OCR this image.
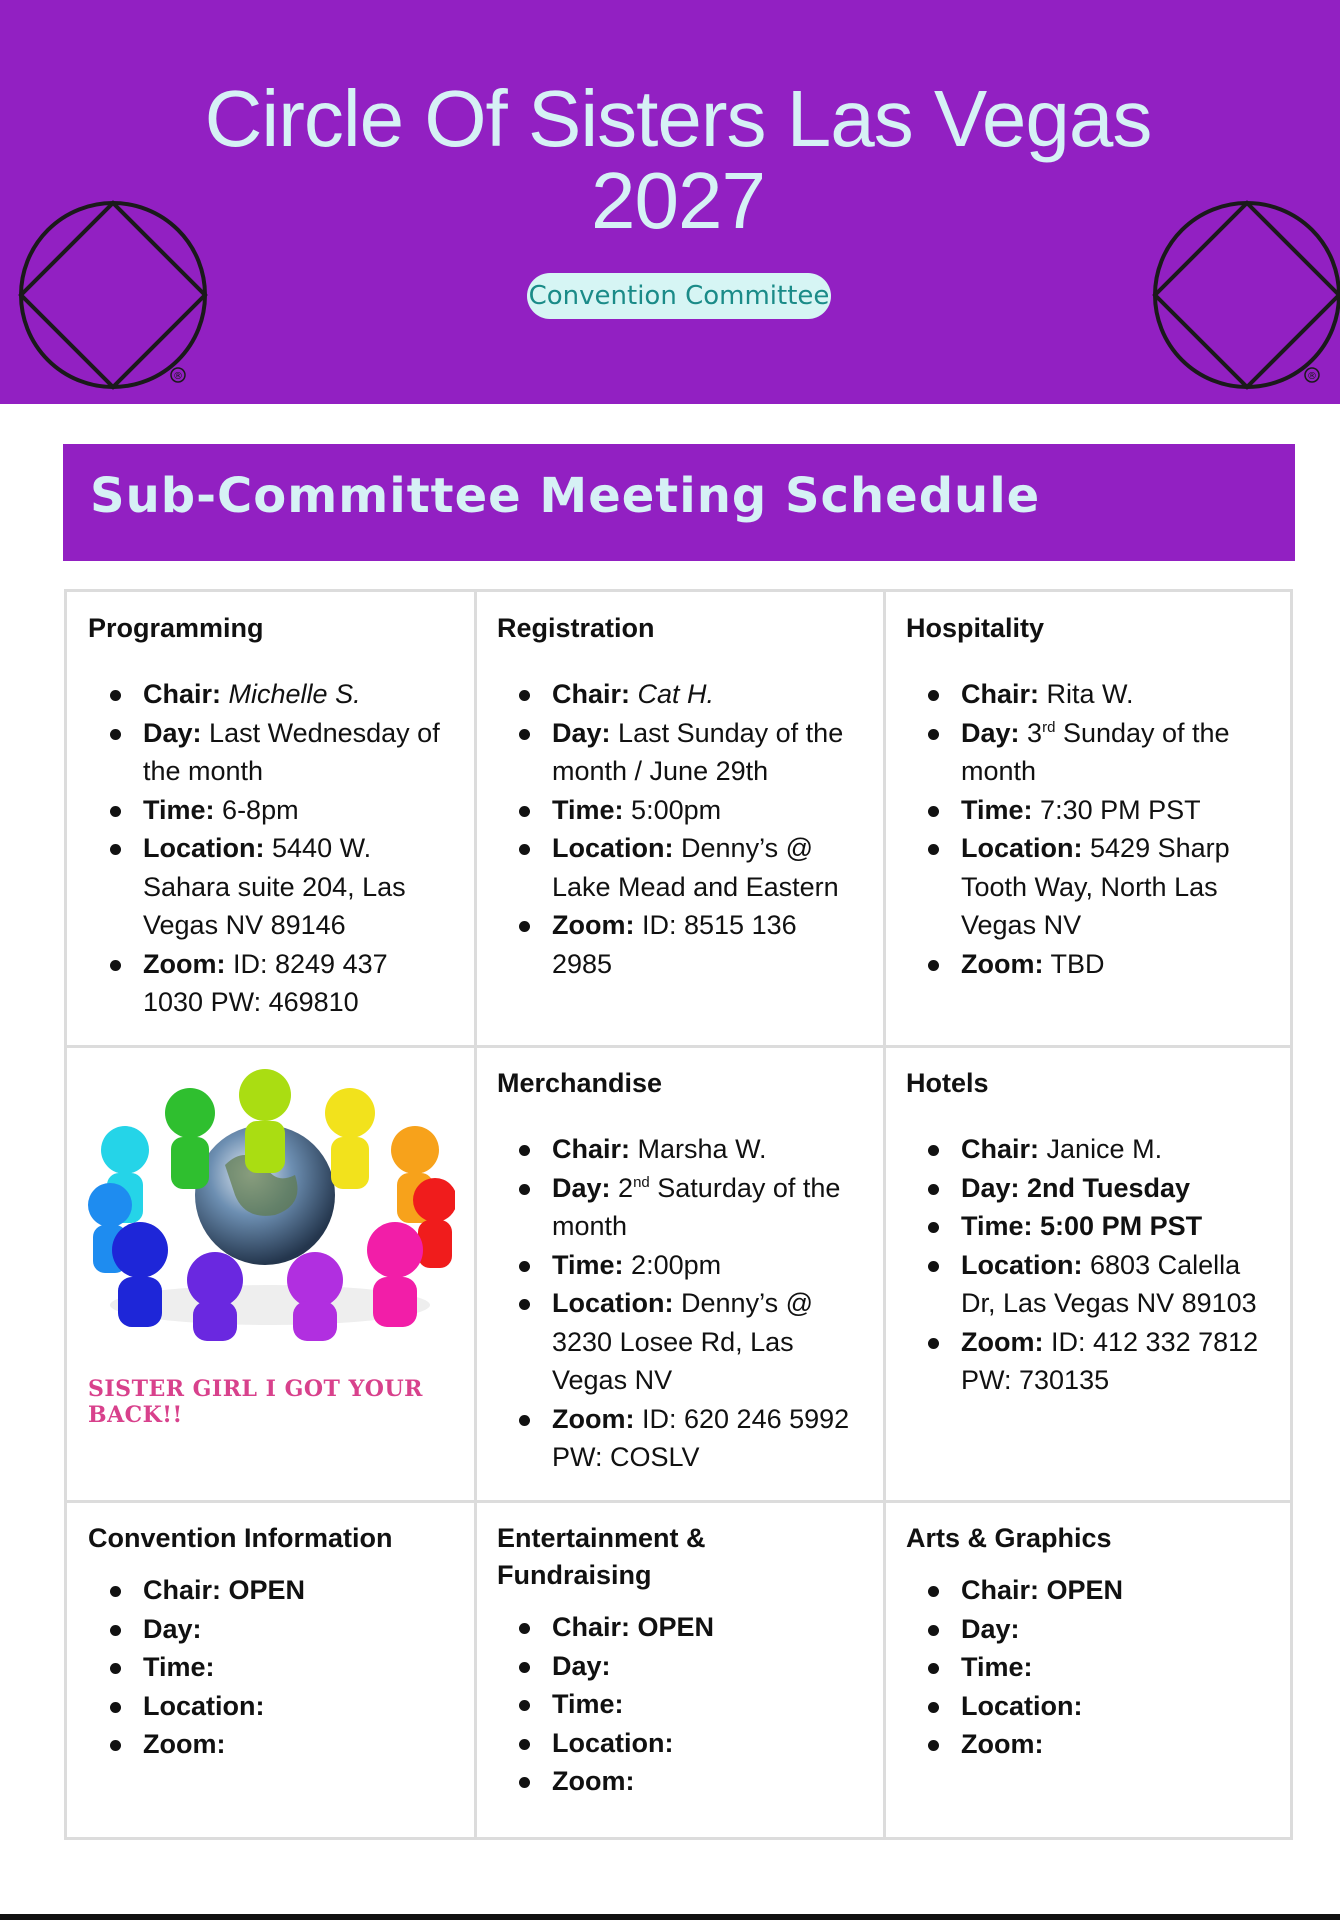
Circle Of Sisters Las Vegas
2027
Convention Committee
®	®
Sub-Committee Meeting Schedule
Programming
Chair: Michelle S.
Day: Last Wednesday of the month
Time: 6-8pm
Location: 5440 W. Sahara suite 204, Las Vegas NV 89146
Zoom: ID: 8249 437 1030 PW: 469810
Registration
Chair: Cat H.
Day: Last Sunday of the month / June 29th
Time: 5:00pm
Location: Denny’s @ Lake Mead and Eastern
Zoom: ID: 8515 136 2985
Hospitality
Chair: Rita W.
Day: 3rd Sunday of the month
Time: 7:30 PM PST
Location: 5429 Sharp Tooth Way, North Las Vegas NV
Zoom: TBD
SISTER GIRL I GOT YOUR BACK!!
Merchandise
Chair: Marsha W.
Day: 2nd Saturday of the month
Time: 2:00pm
Location: Denny’s @ 3230 Losee Rd, Las Vegas NV
Zoom: ID: 620 246 5992 PW: COSLV
Hotels
Chair: Janice M.
Day: 2nd Tuesday
Time: 5:00 PM PST
Location: 6803 Calella Dr, Las Vegas NV 89103
Zoom: ID: 412 332 7812 PW: 730135
Convention Information
Chair: OPEN
Day:
Time:
Location:
Zoom:
Entertainment & Fundraising
Chair: OPEN
Day:
Time:
Location:
Zoom:
Arts & Graphics
Chair: OPEN
Day:
Time:
Location:
Zoom:
